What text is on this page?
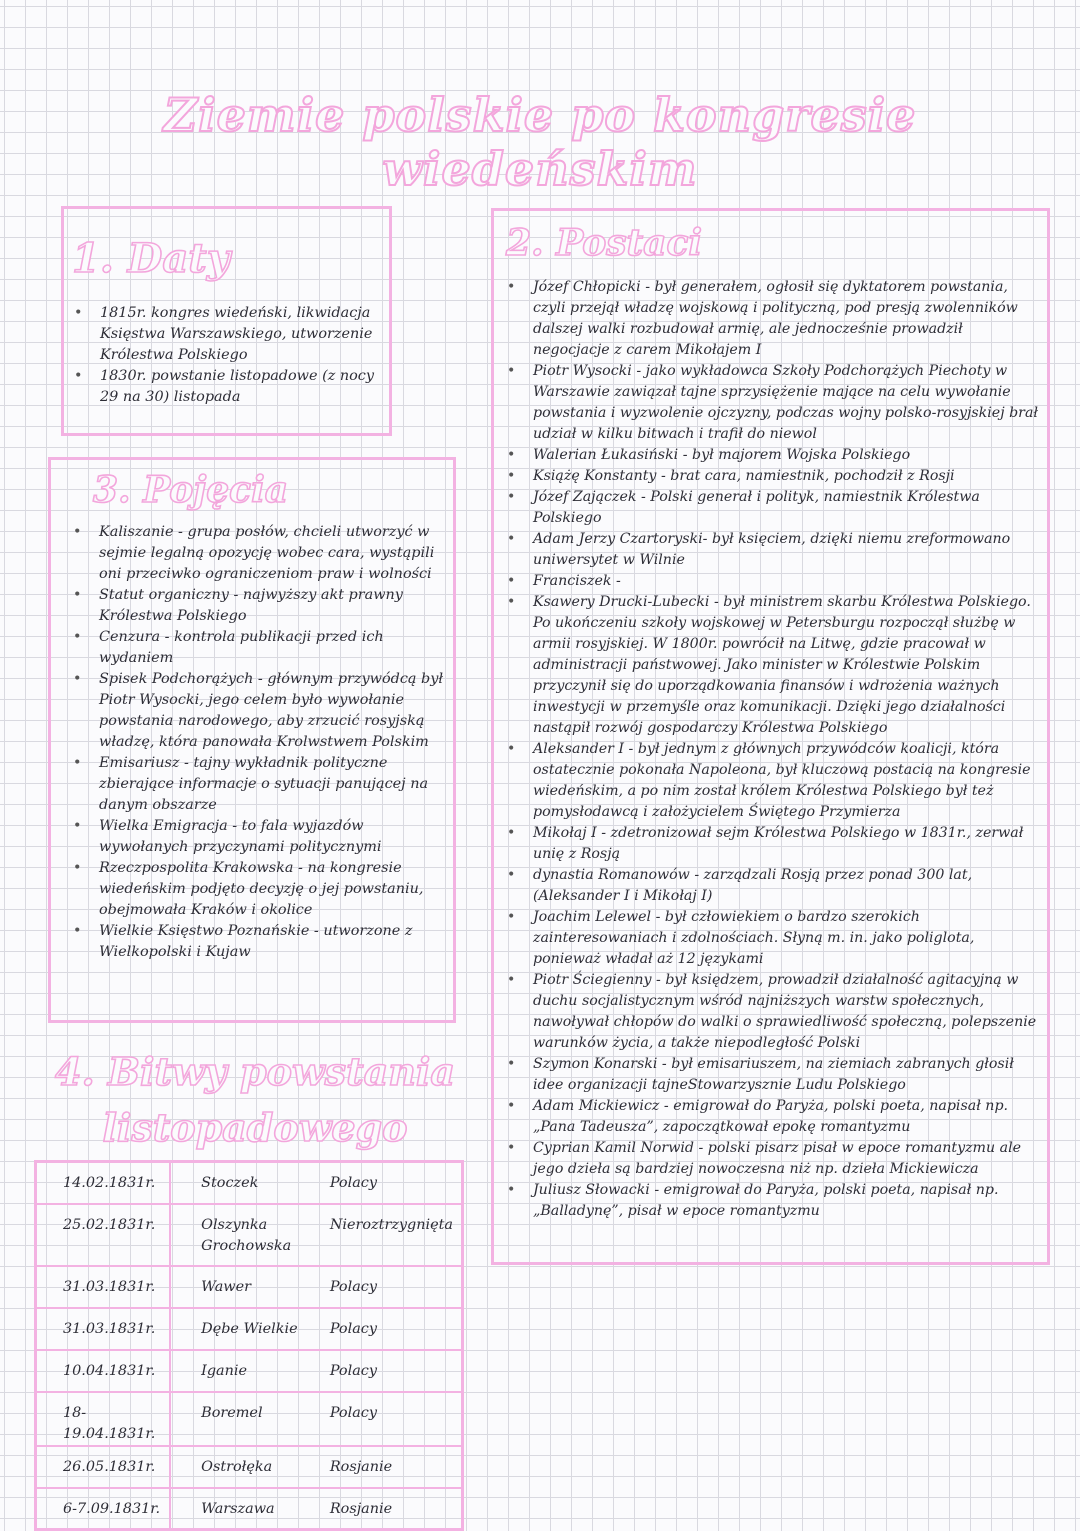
Ziemie polskie po kongresie wiedeńskim
1. Daty
• 1815r. kongres wiedeński, likwidacja Księstwa Warszawskiego, utworzenie Królestwa Polskiego
• 1830r. powstanie listopadowe (z nocy 29 na 30) listopada
3. Pojęcia
• Kaliszanie - grupa posłów, chcieli utworzyć w sejmie legalną opozycję wobec cara, wystąpili oni przeciwko ograniczeniom praw i wolności
• Statut organiczny - najwyższy akt prawny Królestwa Polskiego
• Cenzura - kontrola publikacji przed ich wydaniem
• Spisek Podchorążych - głównym przywódcą był Piotr Wysocki, jego celem było wywołanie powstania narodowego, aby zrzucić rosyjską władzę, która panowała Krolwstwem Polskim
• Emisariusz - tajny wykładnik polityczne zbierające informacje o sytuacji panującej na danym obszarze
• Wielka Emigracja - to fala wyjazdów wywołanych przyczynami politycznymi
• Rzeczpospolita Krakowska - na kongresie wiedeńskim podjęto decyzję o jej powstaniu, obejmowała Kraków i okolice
• Wielkie Księstwo Poznańskie - utworzone z Wielkopolski i Kujaw
2. Postaci
• Józef Chłopicki - był generałem, ogłosił się dyktatorem powstania, czyli przejął władzę wojskową i polityczną, pod presją zwolenników dalszej walki rozbudował armię, ale jednocześnie prowadził negocjacje z carem Mikołajem I
• Piotr Wysocki - jako wykładowca Szkoły Podchorążych Piechoty w Warszawie zawiązał tajne sprzysiężenie mające na celu wywołanie powstania i wyzwolenie ojczyzny, podczas wojny polsko-rosyjskiej brał udział w kilku bitwach i trafił do niewol
• Walerian Łukasiński - był majorem Wojska Polskiego
• Książę Konstanty - brat cara, namiestnik, pochodził z Rosji
• Józef Zajączek - Polski generał i polityk, namiestnik Królestwa Polskiego
• Adam Jerzy Czartoryski- był księciem, dzięki niemu zreformowano uniwersytet w Wilnie
• Franciszek -
• Ksawery Drucki-Lubecki - był ministrem skarbu Królestwa Polskiego. Po ukończeniu szkoły wojskowej w Petersburgu rozpoczął służbę w armii rosyjskiej. W 1800r. powrócił na Litwę, gdzie pracował w administracji państwowej. Jako minister w Królestwie Polskim przyczynił się do uporządkowania finansów i wdrożenia ważnych inwestycji w przemyśle oraz komunikacji. Dzięki jego działalności nastąpił rozwój gospodarczy Królestwa Polskiego
• Aleksander I - był jednym z głównych przywódców koalicji, która ostatecznie pokonała Napoleona, był kluczową postacią na kongresie wiedeńskim, a po nim został królem Królestwa Polskiego był też pomysłodawcą i założycielem Świętego Przymierza
• Mikołaj I - zdetronizował sejm Królestwa Polskiego w 1831r., zerwał unię z Rosją
• dynastia Romanowów - zarządzali Rosją przez ponad 300 lat, (Aleksander I i Mikołaj I)
• Joachim Lelewel - był człowiekiem o bardzo szerokich zainteresowaniach i zdolnościach. Słyną m. in. jako poliglota, ponieważ władał aż 12 językami
• Piotr Ściegienny - był księdzem, prowadził działalność agitacyjną w duchu socjalistycznym wśród najniższych warstw społecznych, nawoływał chłopów do walki o sprawiedliwość społeczną, polepszenie warunków życia, a także niepodległość Polski
• Szymon Konarski - był emisariuszem, na ziemiach zabranych głosił idee organizacji tajneStowarzysznie Ludu Polskiego
• Adam Mickiewicz - emigrował do Paryża, polski poeta, napisał np. „Pana Tadeusza”, zapoczątkował epokę romantyzmu
• Cyprian Kamil Norwid - polski pisarz pisał w epoce romantyzmu ale jego dzieła są bardziej nowoczesna niż np. dzieła Mickiewicza
• Juliusz Słowacki - emigrował do Paryża, polski poeta, napisał np. „Balladynę”, pisał w epoce romantyzmu
4. Bitwy powstania
listopadowego
14.02.1831r.	Stoczek	Polacy
25.02.1831r.	Olszynka Grochowska	Nieroztrzygnięta
31.03.1831r.	Wawer	Polacy
31.03.1831r.	Dębe Wielkie	Polacy
10.04.1831r.	Iganie	Polacy
18-19.04.1831r.	Boremel	Polacy
26.05.1831r.	Ostrołęka	Rosjanie
6-7.09.1831r.	Warszawa	Rosjanie
